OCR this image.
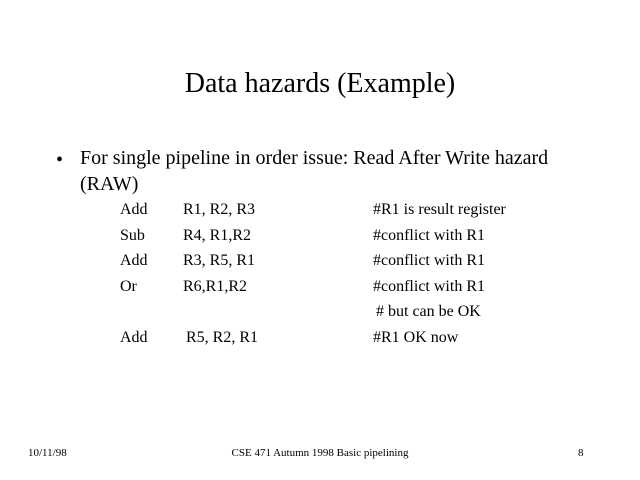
Data hazards (Example)
• For single pipeline in order issue: Read After Write hazard
(RAW)
Add R1, R2, R3	#R1 is result register
Sub R4, R1,R2	#conflict with R1
Add R3, R5, R1	#conflict with R1
Or	R6,R1,R2	#conflict with R1
# but can be OK
Add R5, R2, R1	#R1 OK now
10/11/98	CSE 471 Autumn 1998 Basic pipelining	8
